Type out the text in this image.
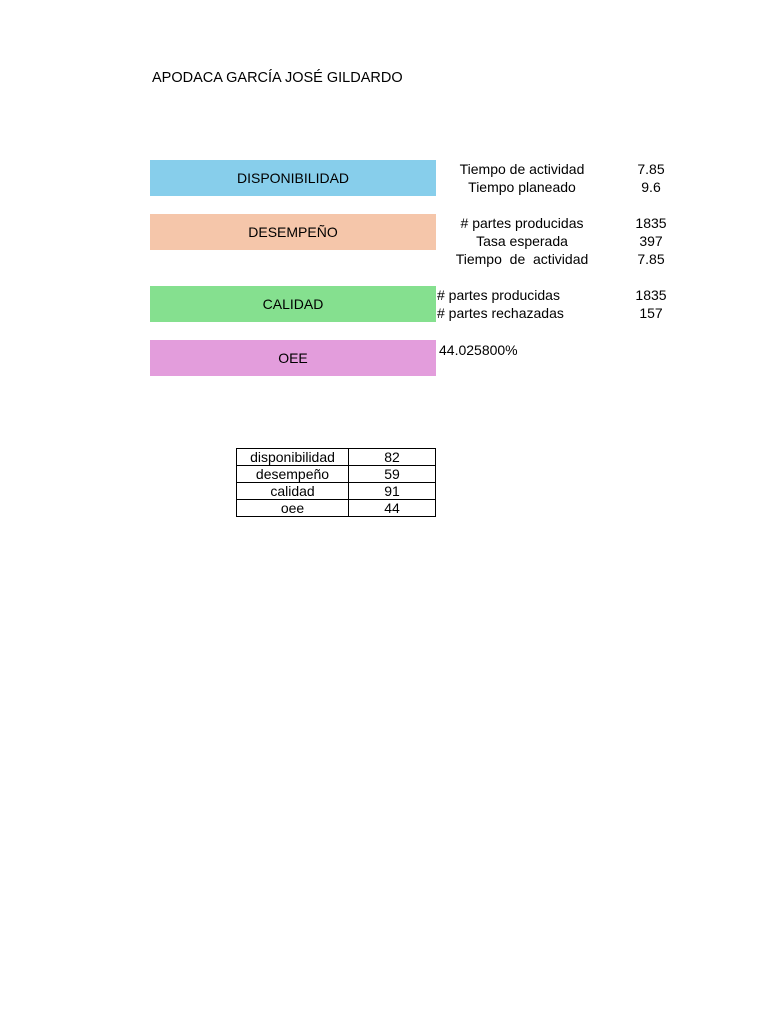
APODACA GARCÍA JOSÉ GILDARDO
DISPONIBILIDAD
Tiempo de actividad	7.85
Tiempo planeado	9.6
DESEMPEÑO
# partes producidas	1835
Tasa esperada	397
Tiempo  de  actividad	7.85
CALIDAD
# partes producidas	1835
# partes rechazadas	157
OEE	44.025800%
disponibilidad	82
desempeño	59
calidad	91
oee	44
